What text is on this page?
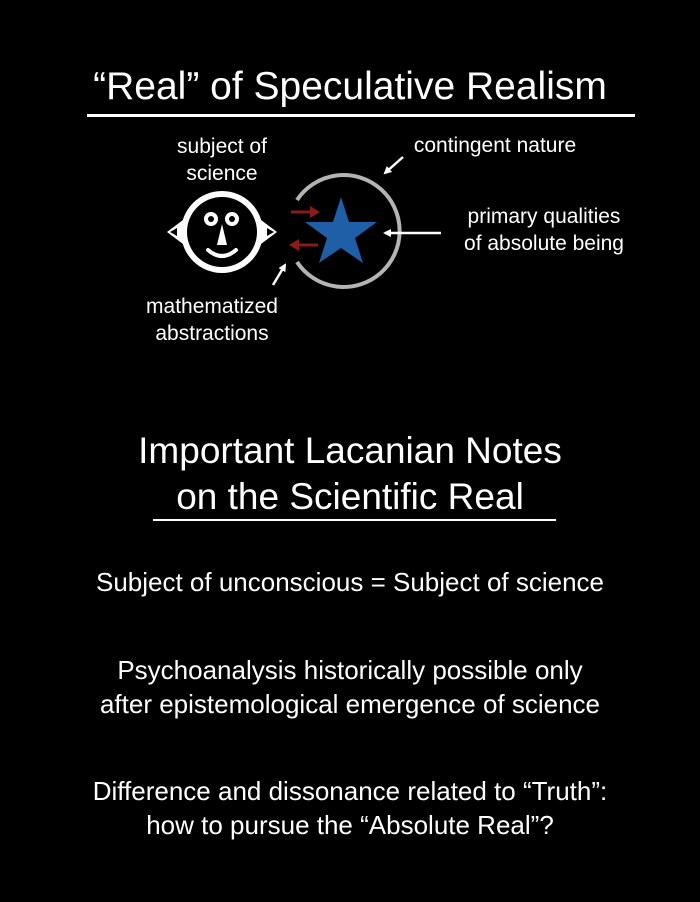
“Real” of Speculative Realism
subject of
science
contingent nature
primary qualities
of absolute being
mathematized
abstractions
Important Lacanian Notes
on the Scientific Real
Subject of unconscious = Subject of science
Psychoanalysis historically possible only
after epistemological emergence of science
Difference and dissonance related to “Truth”:
how to pursue the “Absolute Real”?
